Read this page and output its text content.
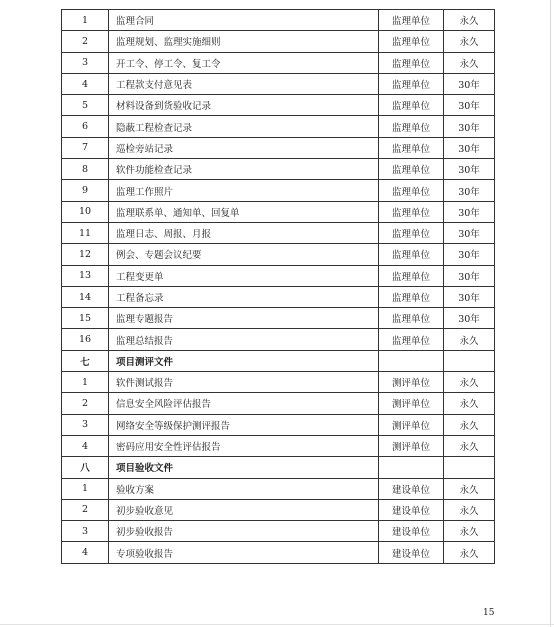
1	监理合同	监理单位	永久
2	监理规划、监理实施细则	监理单位	永久
3	开工令、停工令、复工令	监理单位	永久
4	工程款支付意见表	监理单位	30年
5	材料设备到货验收记录	监理单位	30年
6	隐蔽工程检查记录	监理单位	30年
7	巡检旁站记录	监理单位	30年
8	软件功能检查记录	监理单位	30年
9	监理工作照片	监理单位	30年
10	监理联系单、通知单、回复单	监理单位	30年
11	监理日志、周报、月报	监理单位	30年
12	例会、专题会议纪要	监理单位	30年
13	工程变更单	监理单位	30年
14	工程备忘录	监理单位	30年
15	监理专题报告	监理单位	30年
16	监理总结报告	监理单位	永久
七	项目测评文件		
1	软件测试报告	测评单位	永久
2	信息安全风险评估报告	测评单位	永久
3	网络安全等级保护测评报告	测评单位	永久
4	密码应用安全性评估报告	测评单位	永久
八	项目验收文件		
1	验收方案	建设单位	永久
2	初步验收意见	建设单位	永久
3	初步验收报告	建设单位	永久
4	专项验收报告	建设单位	永久
15
